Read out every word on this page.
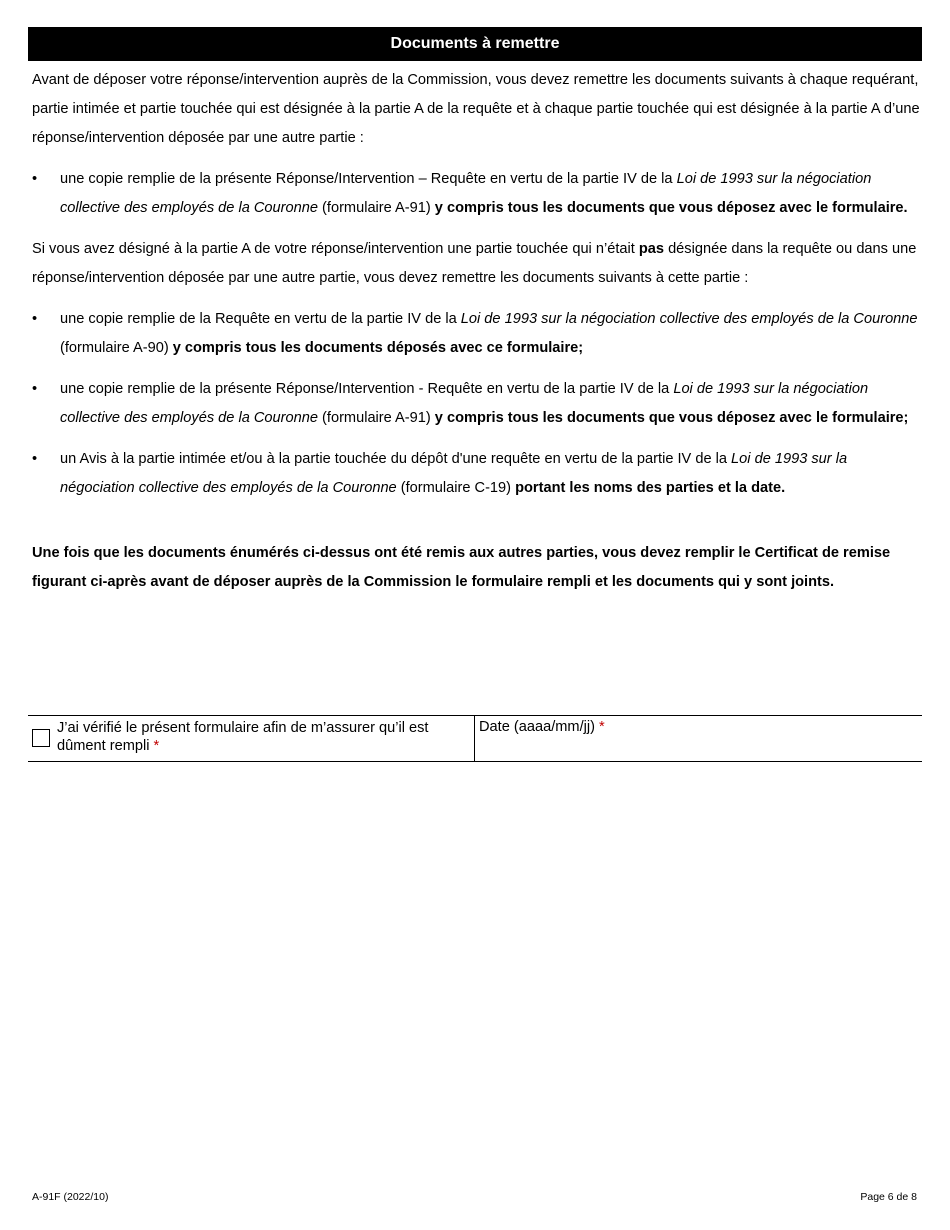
Documents à remettre

Avant de déposer votre réponse/intervention auprès de la Commission, vous devez remettre les documents suivants à chaque requérant, partie intimée et partie touchée qui est désignée à la partie A de la requête et à chaque partie touchée qui est désignée à la partie A d’une réponse/intervention déposée par une autre partie :

• une copie remplie de la présente Réponse/Intervention – Requête en vertu de la partie IV de la Loi de 1993 sur la négociation collective des employés de la Couronne (formulaire A-91) y compris tous les documents que vous déposez avec le formulaire.

Si vous avez désigné à la partie A de votre réponse/intervention une partie touchée qui n’était pas désignée dans la requête ou dans une réponse/intervention déposée par une autre partie, vous devez remettre les documents suivants à cette partie :

• une copie remplie de la Requête en vertu de la partie IV de la Loi de 1993 sur la négociation collective des employés de la Couronne (formulaire A-90) y compris tous les documents déposés avec ce formulaire;
• une copie remplie de la présente Réponse/Intervention - Requête en vertu de la partie IV de la Loi de 1993 sur la négociation collective des employés de la Couronne (formulaire A-91) y compris tous les documents que vous déposez avec le formulaire;
• un Avis à la partie intimée et/ou à la partie touchée du dépôt d'une requête en vertu de la partie IV de la Loi de 1993 sur la négociation collective des employés de la Couronne (formulaire C-19) portant les noms des parties et la date.

Une fois que les documents énumérés ci-dessus ont été remis aux autres parties, vous devez remplir le Certificat de remise figurant ci-après avant de déposer auprès de la Commission le formulaire rempli et les documents qui y sont joints.

J’ai vérifié le présent formulaire afin de m’assurer qu’il est dûment rempli *
Date (aaaa/mm/jj) *
A-91F (2022/10)	Page 6 de 8
